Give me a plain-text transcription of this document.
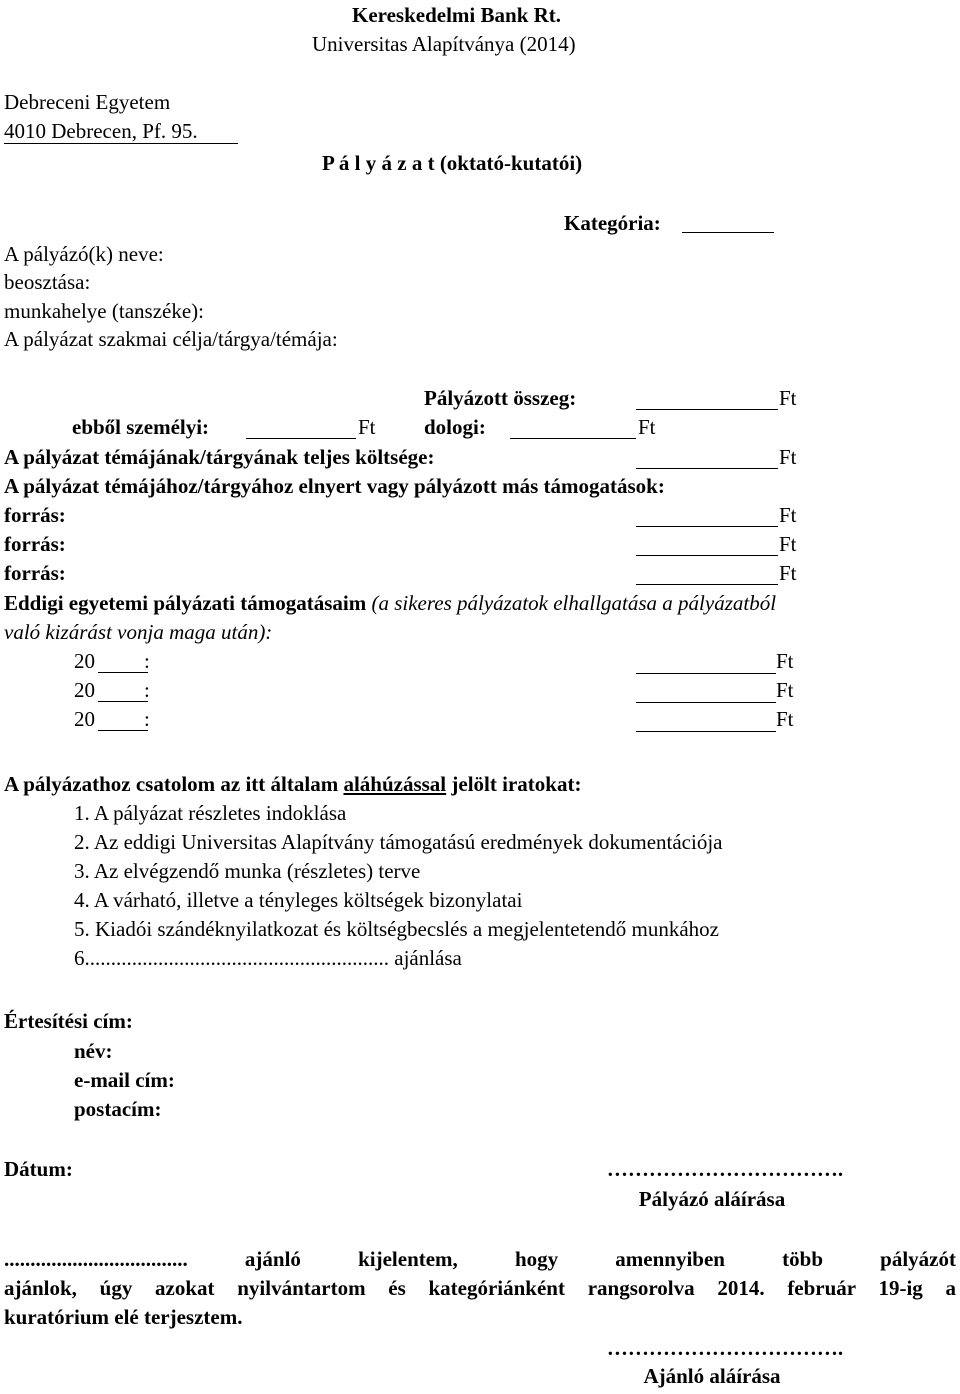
Kereskedelmi Bank Rt.
Universitas Alapítványa (2014)
Debreceni Egyetem
4010 Debrecen, Pf. 95.
P á l y á z a t (oktató-kutatói)
Kategória:
A pályázó(k) neve:
beosztása:
munkahelye (tanszéke):
A pályázat szakmai célja/tárgya/témája:
Pályázott összeg:	Ft
ebből személyi:	Ft dologi:	Ft
A pályázat témájának/tárgyának teljes költsége:	Ft
A pályázat témájához/tárgyához elnyert vagy pályázott más támogatások:
forrás:	Ft
forrás:	Ft
forrás:	Ft
Eddigi egyetemi pályázati támogatásaim (a sikeres pályázatok elhallgatása a pályázatból
való kizárást vonja maga után):
20 :	Ft
20 :	Ft
20 :	Ft
A pályázathoz csatolom az itt általam aláhúzással jelölt iratokat:
1. A pályázat részletes indoklása
2. Az eddigi Universitas Alapítvány támogatású eredmények dokumentációja
3. Az elvégzendő munka (részletes) terve
4. A várható, illetve a tényleges költségek bizonylatai
5. Kiadói szándéknyilatkozat és költségbecslés a megjelentetendő munkához
6.......................................................... ajánlása
Értesítési cím:
név:
e-mail cím:
postacím:
Dátum:	…………………………….
Pályázó aláírása
................................... ajánló kijelentem, hogy amennyiben több pályázót
ajánlok, úgy azokat nyilvántartom és kategóriánként rangsorolva 2014. február 19-ig a
kuratórium elé terjesztem.
…………………………….
Ajánló aláírása
